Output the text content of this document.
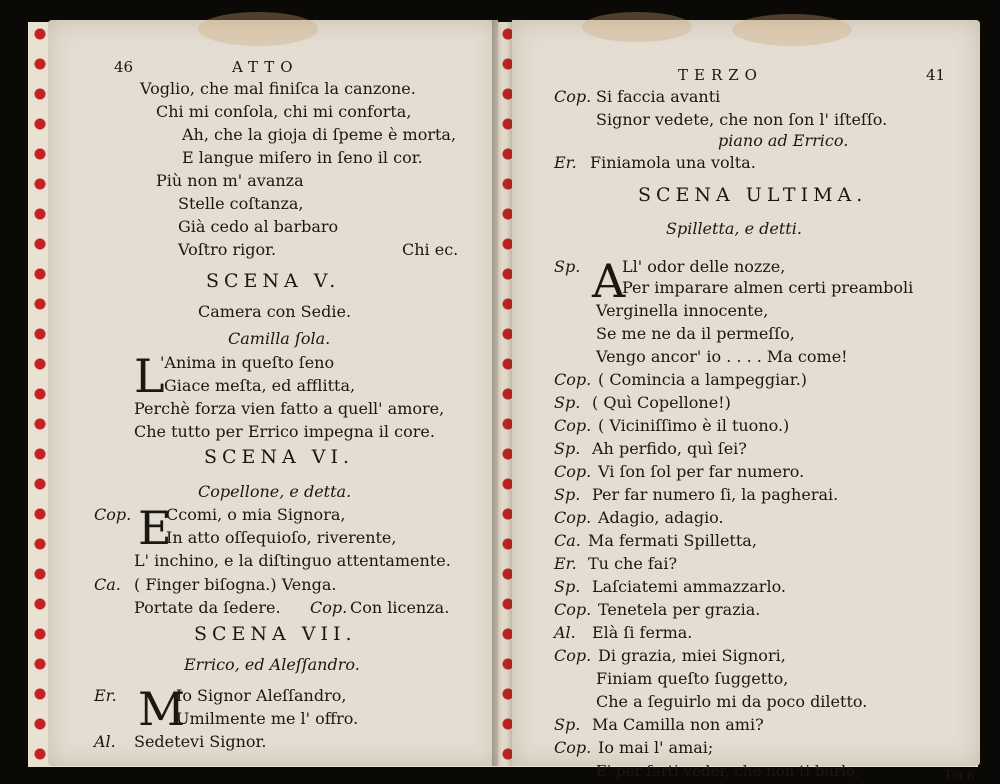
46	ATTO
Voglio, che mal finiſca la canzone.
Chi mi conſola, chi mi conforta,
Ah, che la gioja di ſpeme è morta,
E langue miſero in ſeno il cor.
Più non m' avanza
Stelle coſtanza,
Già cedo al barbaro
Voſtro rigor.	Chi ec.
SCENA V.
Camera con Sedie.
Camilla ſola.
L
'Anima in queſto ſeno
Giace meſta, ed afflitta,
Perchè forza vien fatto a quell' amore,
Che tutto per Errico impegna il core.
SCENA VI.
Copellone, e detta.
Cop. E
Ccomi, o mia Signora,
In atto oſſequioſo, riverente,
L' inchino, e la diſtinguo attentamente.
Ca. ( Finger biſogna.) Venga.
Portate da ſedere. Cop. Con licenza.
SCENA VII.
Errico, ed Aleſſandro.
Er. M
Io Signor Aleſſandro,
Umilmente me l' offro.
Al. Sedetevi Signor.
TERZO	41
Cop. Si faccia avanti
Signor vedete, che non ſon l' iſteſſo.
piano ad Errico.
Er. Finiamola una volta.
SCENA ULTIMA.
Spilletta, e detti.
Sp. A
Ll' odor delle nozze,
Per imparare almen certi preamboli
Verginella innocente,
Se me ne da il permeſſo,
Vengo ancor' io . . . . Ma come!
Cop. ( Comincia a lampeggiar.)
Sp. ( Quì Copellone!)
Cop. ( Viciniſſimo è il tuono.)
Sp. Ah perfido, quì ſei?
Cop. Vi ſon ſol per far numero.
Sp. Per far numero ſi, la pagherai.
Cop. Adagio, adagio.
Ca. Ma fermati Spilletta,
Er. Tu che fai?
Sp. Laſciatemi ammazzarlo.
Cop. Tenetela per grazia.
Al. Elà ſi ferma.
Cop. Di grazia, miei Signori,
Finiam queſto ſuggetto,
Che a ſeguirlo mi da poco diletto.
Sp. Ma Camilla non ami?
Cop. Io mai l' amai;
E' per farti veder, che non ti burlo,	Da n
